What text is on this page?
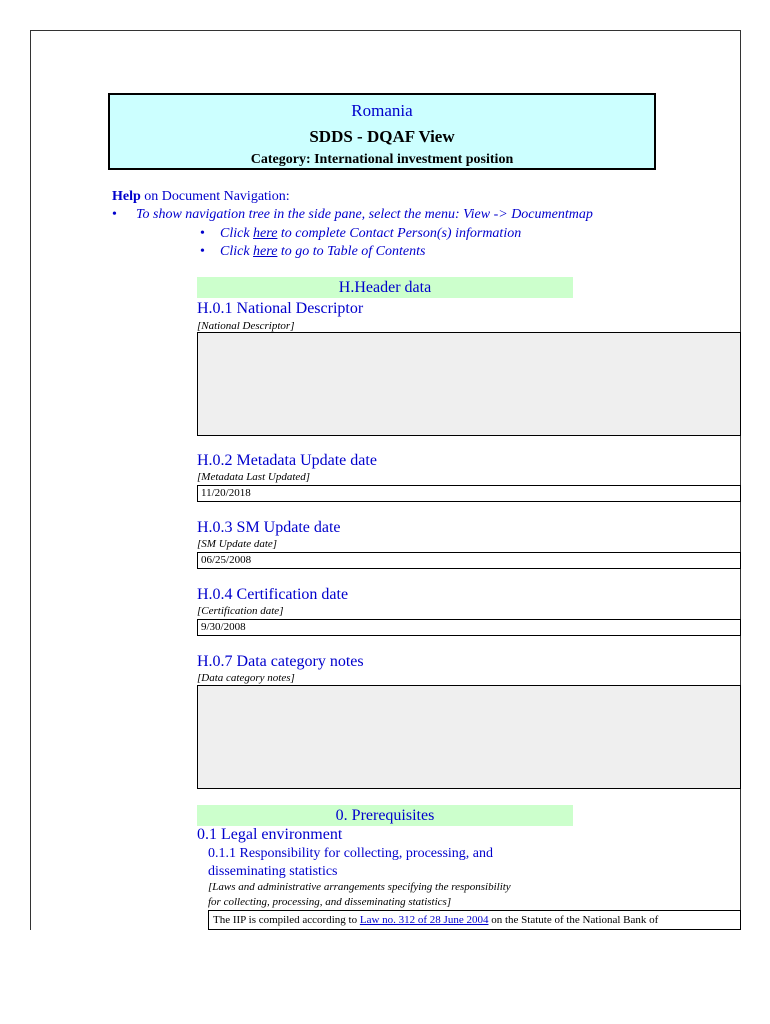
Romania
SDDS - DQAF View
Category: International investment position
Help on Document Navigation:
• To show navigation tree in the side pane, select the menu: View -> Documentmap
• Click here to complete Contact Person(s) information
• Click here to go to Table of Contents
H.Header data
H.0.1 National Descriptor
[National Descriptor]
H.0.2 Metadata Update date
[Metadata Last Updated]
11/20/2018
H.0.3 SM Update date
[SM Update date]
06/25/2008
H.0.4 Certification date
[Certification date]
9/30/2008
H.0.7 Data category notes
[Data category notes]
0. Prerequisites
0.1 Legal environment
0.1.1 Responsibility for collecting, processing, and
disseminating statistics
[Laws and administrative arrangements specifying the responsibility
for collecting, processing, and disseminating statistics]
The IIP is compiled according to Law no. 312 of 28 June 2004 on the Statute of the National Bank of
